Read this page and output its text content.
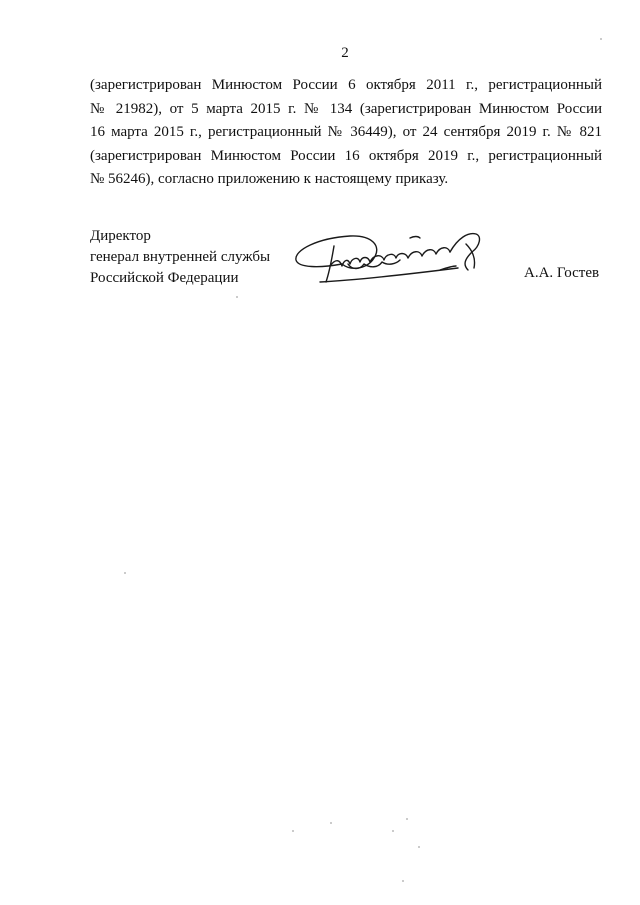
2
(зарегистрирован Минюстом России 6 октября 2011 г., регистрационный
№ 21982), от 5 марта 2015 г. № 134 (зарегистрирован Минюстом России
16 марта 2015 г., регистрационный № 36449), от 24 сентября 2019 г. № 821
(зарегистрирован Минюстом России 16 октября 2019 г., регистрационный
№ 56246), согласно приложению к настоящему приказу.
Директор
генерал внутренней службы
Российской Федерации	А.А. Гостев
